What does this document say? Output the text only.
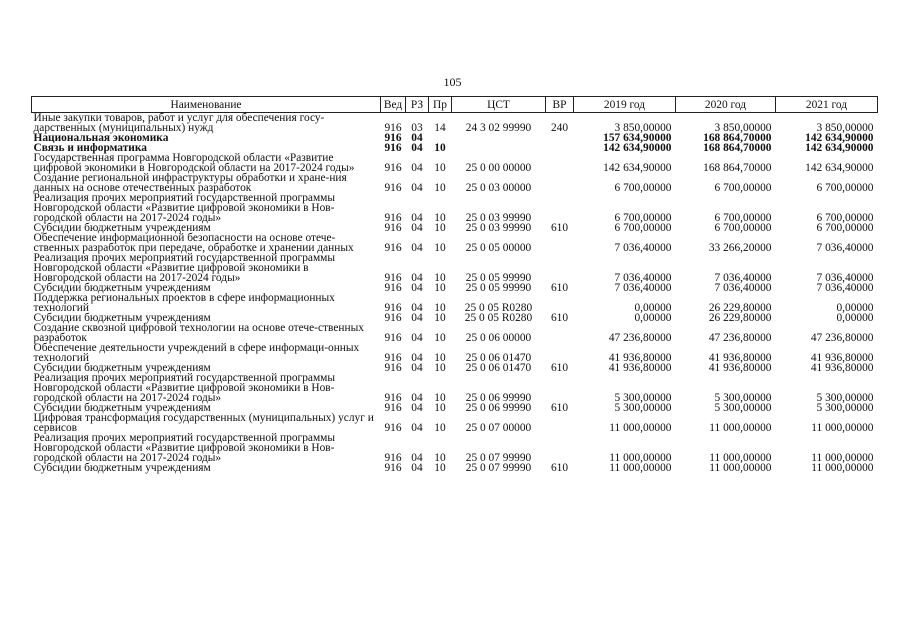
105
Наименование	Вед	РЗ	Пр	ЦСТ	ВР	2019 год	2020 год	2021 год
Иные закупки товаров, работ и услуг для обеспечения госу-дарственных (муниципальных) нужд	916	03	14	24 3 02 99990	240	3 850,00000	3 850,00000	3 850,00000
Национальная экономика	916	04				157 634,90000	168 864,70000	142 634,90000
Связь и информатика	916	04	10			142 634,90000	168 864,70000	142 634,90000
Государственная программа Новгородской области «Развитие цифровой экономики в Новгородской области на 2017-2024 годы»	916	04	10	25 0 00 00000		142 634,90000	168 864,70000	142 634,90000
Создание региональной инфраструктуры обработки и хране-ния данных на основе отечественных разработок	916	04	10	25 0 03 00000		6 700,00000	6 700,00000	6 700,00000
Реализация прочих мероприятий государственной программы Новгородской области «Развитие цифровой экономики в Нов-городской области на 2017-2024 годы»	916	04	10	25 0 03 99990		6 700,00000	6 700,00000	6 700,00000
Субсидии бюджетным учреждениям	916	04	10	25 0 03 99990	610	6 700,00000	6 700,00000	6 700,00000
Обеспечение информационной безопасности на основе отече-ственных разработок при передаче, обработке и хранении данных	916	04	10	25 0 05 00000		7 036,40000	33 266,20000	7 036,40000
Реализация прочих мероприятий государственной программы Новгородской области «Развитие цифровой экономики в Новгородской области на 2017-2024 годы»	916	04	10	25 0 05 99990		7 036,40000	7 036,40000	7 036,40000
Субсидии бюджетным учреждениям	916	04	10	25 0 05 99990	610	7 036,40000	7 036,40000	7 036,40000
Поддержка региональных проектов в сфере информационных технологий	916	04	10	25 0 05 R0280		0,00000	26 229,80000	0,00000
Субсидии бюджетным учреждениям	916	04	10	25 0 05 R0280	610	0,00000	26 229,80000	0,00000
Создание сквозной цифровой технологии на основе отече-ственных разработок	916	04	10	25 0 06 00000		47 236,80000	47 236,80000	47 236,80000
Обеспечение деятельности учреждений в сфере информаци-онных технологий	916	04	10	25 0 06 01470		41 936,80000	41 936,80000	41 936,80000
Субсидии бюджетным учреждениям	916	04	10	25 0 06 01470	610	41 936,80000	41 936,80000	41 936,80000
Реализация прочих мероприятий государственной программы Новгородской области «Развитие цифровой экономики в Нов-городской области на 2017-2024 годы»	916	04	10	25 0 06 99990		5 300,00000	5 300,00000	5 300,00000
Субсидии бюджетным учреждениям	916	04	10	25 0 06 99990	610	5 300,00000	5 300,00000	5 300,00000
Цифровая трансформация государственных (муниципальных) услуг и сервисов	916	04	10	25 0 07 00000		11 000,00000	11 000,00000	11 000,00000
Реализация прочих мероприятий государственной программы Новгородской области «Развитие цифровой экономики в Нов-городской области на 2017-2024 годы»	916	04	10	25 0 07 99990		11 000,00000	11 000,00000	11 000,00000
Субсидии бюджетным учреждениям	916	04	10	25 0 07 99990	610	11 000,00000	11 000,00000	11 000,00000
